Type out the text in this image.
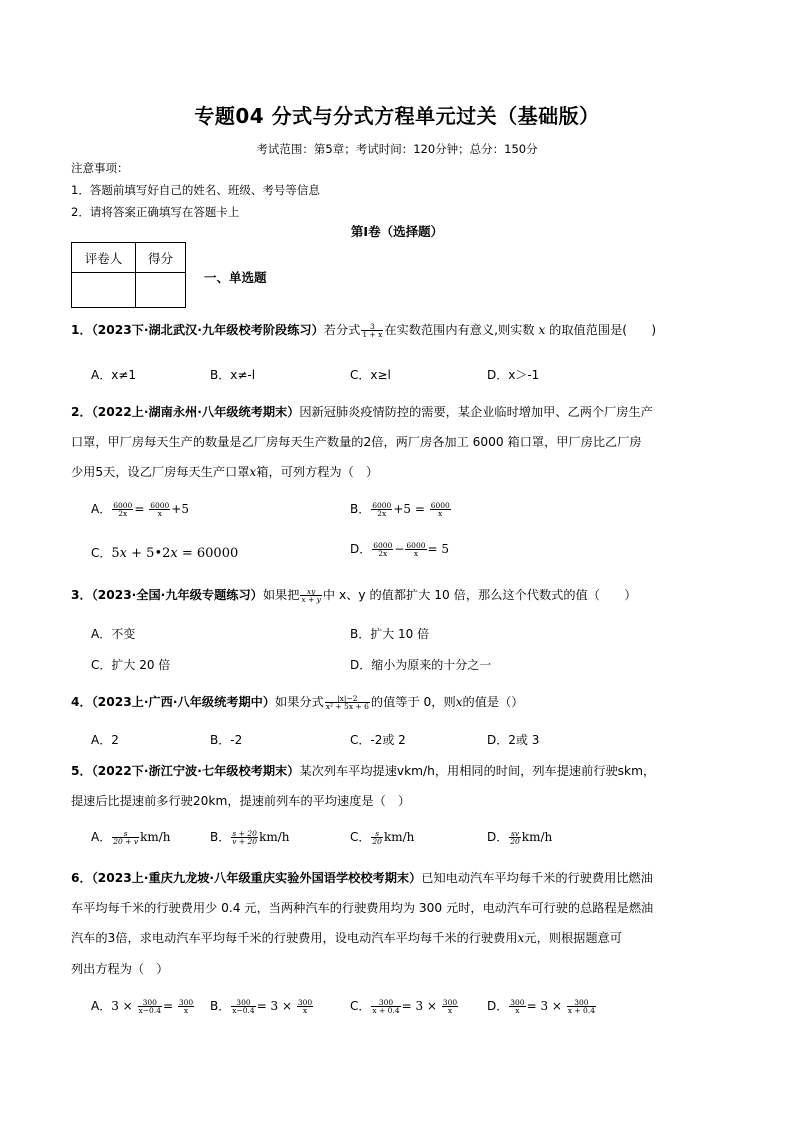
专题04 分式与分式方程单元过关（基础版）
考试范围：第5章；考试时间：120分钟；总分：150分
注意事项：
1．答题前填写好自己的姓名、班级、考号等信息
2．请将答案正确填写在答题卡上
第I卷（选择题）
评卷人	得分

一、单选题
1．（2023下·湖北武汉·九年级校考阶段练习）若分式 $\frac{3}{1 + x}$ 在实数范围内有意义,则实数 x 的取值范围是(　　)
A．x≠1	B．x≠-l	C．x≥l	D．x＞-1
2．（2022上·湖南永州·八年级统考期末）因新冠肺炎疫情防控的需要，某企业临时增加甲、乙两个厂房生产
口罩，甲厂房每天生产的数量是乙厂房每天生产数量的2倍，两厂房各加工 6000 箱口罩，甲厂房比乙厂房
少用5天，设乙厂房每天生产口罩x箱，可列方程为（　）
A． $\frac{6000}{2x} = \frac{6000}{x} +5$	B． $\frac{6000}{2x} +5 = \frac{6000}{x}$
C．5x + 5•2x = 60000	D． $\frac{6000}{2x} - \frac{6000}{x} = 5$
3．（2023·全国·九年级专题练习）如果把 $\frac{xy}{x + y}$ 中 x、y 的值都扩大 10 倍，那么这个代数式的值（　　）
A．不变	B．扩大 10 倍
C．扩大 20 倍	D．缩小为原来的十分之一
4．（2023上·广西·八年级统考期中）如果分式 $\frac{|x|-2}{\text{x² + 5x + 6}}$ 的值等于 0，则x的值是（）
A．2	B．-2	C．-2或 2	D．2或 3
5．（2022下·浙江宁波·七年级校考期末）某次列车平均提速vkm/h，用相同的时间，列车提速前行驶skm，
提速后比提速前多行驶20km，提速前列车的平均速度是（　）
A． $\frac{s}{20 + v} km/h$	B． $\frac{s + 20}{v + 20} km/h$	C． $\frac{s}{20} km/h$	D． $\frac{sv}{20} km/h$
6．（2023上·重庆九龙坡·八年级重庆实验外国语学校校考期末）已知电动汽车平均每千米的行驶费用比燃油
车平均每千米的行驶费用少 0.4 元，当两种汽车的行驶费用均为 300 元时，电动汽车可行驶的总路程是燃油
汽车的3倍，求电动汽车平均每千米的行驶费用，设电动汽车平均每千米的行驶费用x元，则根据题意可
列出方程为（　）
A．$3 \times \frac{300}{x-0.4} = \frac{300}{x}$ B． $\frac{300}{x-0.4} = 3 \times \frac{300}{x}$	C． $\frac{300}{x + 0.4} = 3 \times \frac{300}{x}$ D． $\frac{300}{x} = 3 \times \frac{300}{x + 0.4}$
